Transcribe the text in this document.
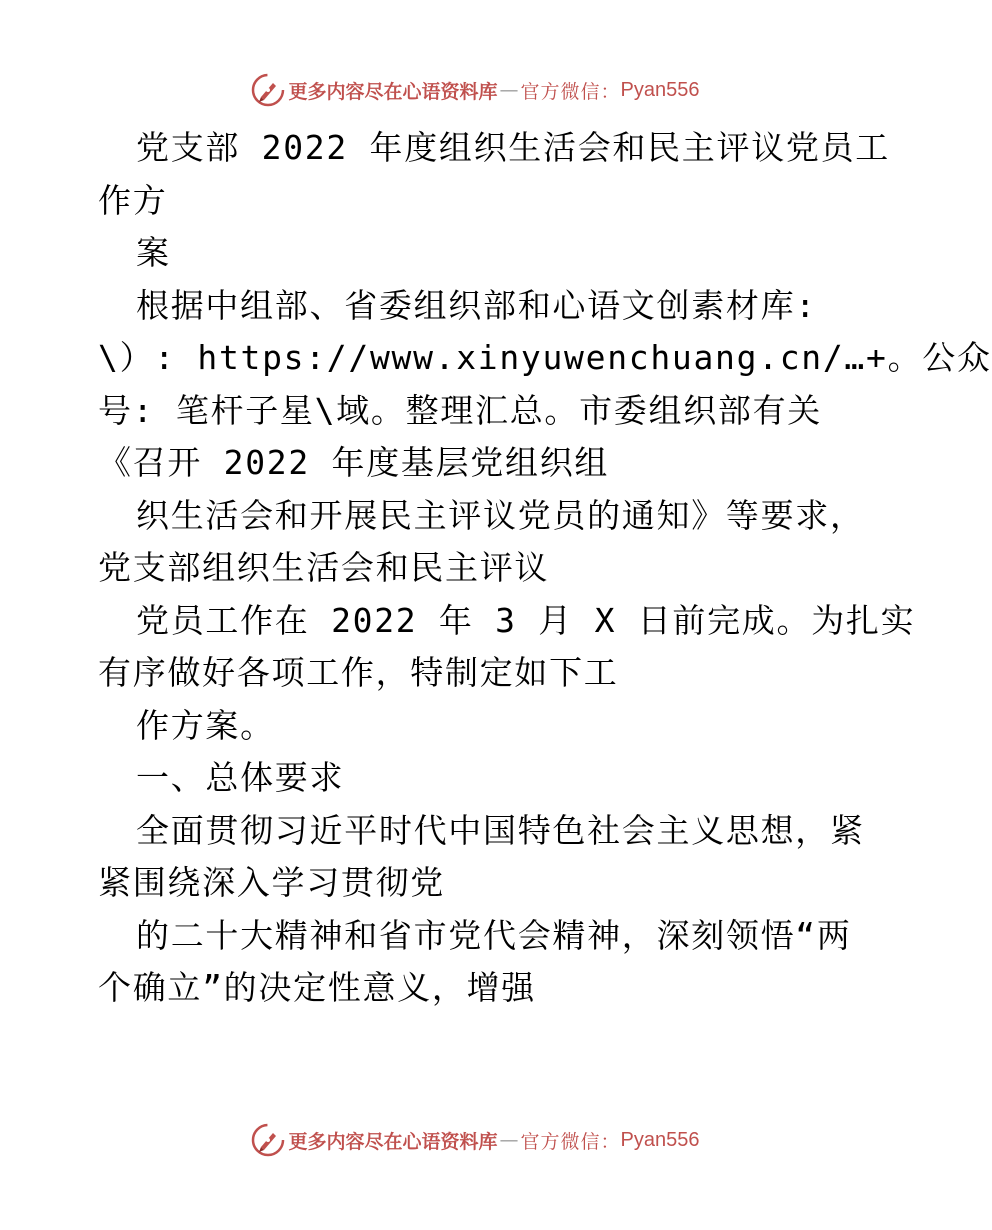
更多内容尽在心语资料库 — 官方微信： Pyan556
党支部 2022 年度组织生活会和民主评议党员工
作方
案
根据中组部、省委组织部和心语文创素材库:
\）: https://www.xinyuwenchuang.cn/…+。公众
号: 笔杆子星\域。整理汇总。市委组织部有关
《召开 2022 年度基层党组织组
织生活会和开展民主评议党员的通知》等要求，
党支部组织生活会和民主评议
党员工作在 2022 年 3 月 X 日前完成。为扎实
有序做好各项工作，特制定如下工
作方案。
一、总体要求
全面贯彻习近平时代中国特色社会主义思想，紧
紧围绕深入学习贯彻党
的二十大精神和省市党代会精神，深刻领悟“两
个确立”的决定性意义，增强
更多内容尽在心语资料库 — 官方微信： Pyan556
